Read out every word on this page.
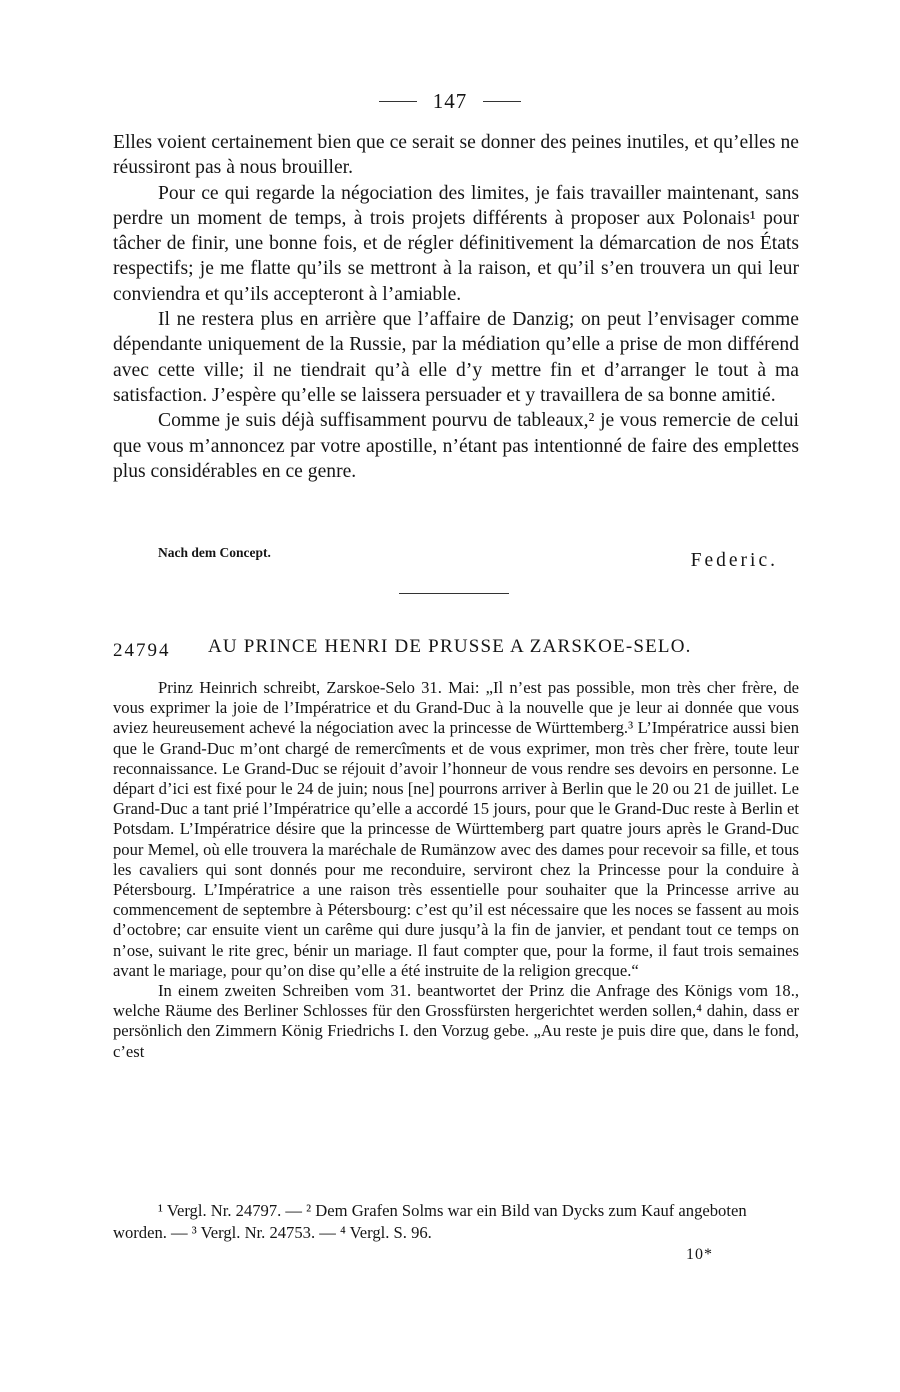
147

Elles voient certainement bien que ce serait se donner des peines inutiles, et qu’elles ne réussiront pas à nous brouiller.

Pour ce qui regarde la négociation des limites, je fais travailler maintenant, sans perdre un moment de temps, à trois projets différents à proposer aux Polonais¹ pour tâcher de finir, une bonne fois, et de régler définitivement la démarcation de nos États respectifs; je me flatte qu’ils se mettront à la raison, et qu’il s’en trouvera un qui leur conviendra et qu’ils accepteront à l’amiable.

Il ne restera plus en arrière que l’affaire de Danzig; on peut l’envisager comme dépendante uniquement de la Russie, par la médiation qu’elle a prise de mon différend avec cette ville; il ne tiendrait qu’à elle d’y mettre fin et d’arranger le tout à ma satisfaction. J’espère qu’elle se laissera persuader et y travaillera de sa bonne amitié.

Comme je suis déjà suffisamment pourvu de tableaux,² je vous remercie de celui que vous m’annoncez par votre apostille, n’étant pas intentionné de faire des emplettes plus considérables en ce genre.

Nach dem Concept.	Federic.
24794 AU PRINCE HENRI DE PRUSSE A ZARSKOE-SELO.

Prinz Heinrich schreibt, Zarskoe-Selo 31. Mai: „Il n’est pas possible, mon très cher frère, de vous exprimer la joie de l’Impératrice et du Grand-Duc à la nouvelle que je leur ai donnée que vous aviez heureusement achevé la négociation avec la princesse de Württemberg.³ L’Impératrice aussi bien que le Grand-Duc m’ont chargé de remercîments et de vous exprimer, mon très cher frère, toute leur reconnaissance. Le Grand-Duc se réjouit d’avoir l’honneur de vous rendre ses devoirs en personne. Le départ d’ici est fixé pour le 24 de juin; nous [ne] pourrons arriver à Berlin que le 20 ou 21 de juillet. Le Grand-Duc a tant prié l’Impératrice qu’elle a accordé 15 jours, pour que le Grand-Duc reste à Berlin et Potsdam. L’Impératrice désire que la princesse de Württemberg part quatre jours après le Grand-Duc pour Memel, où elle trouvera la maréchale de Rumänzow avec des dames pour recevoir sa fille, et tous les cavaliers qui sont donnés pour me reconduire, serviront chez la Princesse pour la conduire à Pétersbourg. L’Impératrice a une raison très essentielle pour souhaiter que la Princesse arrive au commencement de septembre à Pétersbourg: c’est qu’il est nécessaire que les noces se fassent au mois d’octobre; car ensuite vient un carême qui dure jusqu’à la fin de janvier, et pendant tout ce temps on n’ose, suivant le rite grec, bénir un mariage. Il faut compter que, pour la forme, il faut trois semaines avant le mariage, pour qu’on dise qu’elle a été instruite de la religion grecque.“

In einem zweiten Schreiben vom 31. beantwortet der Prinz die Anfrage des Königs vom 18., welche Räume des Berliner Schlosses für den Grossfürsten hergerichtet werden sollen,⁴ dahin, dass er persönlich den Zimmern König Friedrichs I. den Vorzug gebe. „Au reste je puis dire que, dans le fond, c’est

¹ Vergl. Nr. 24797. — ² Dem Grafen Solms war ein Bild van Dycks zum Kauf angeboten worden. — ³ Vergl. Nr. 24753. — ⁴ Vergl. S. 96.

10*
